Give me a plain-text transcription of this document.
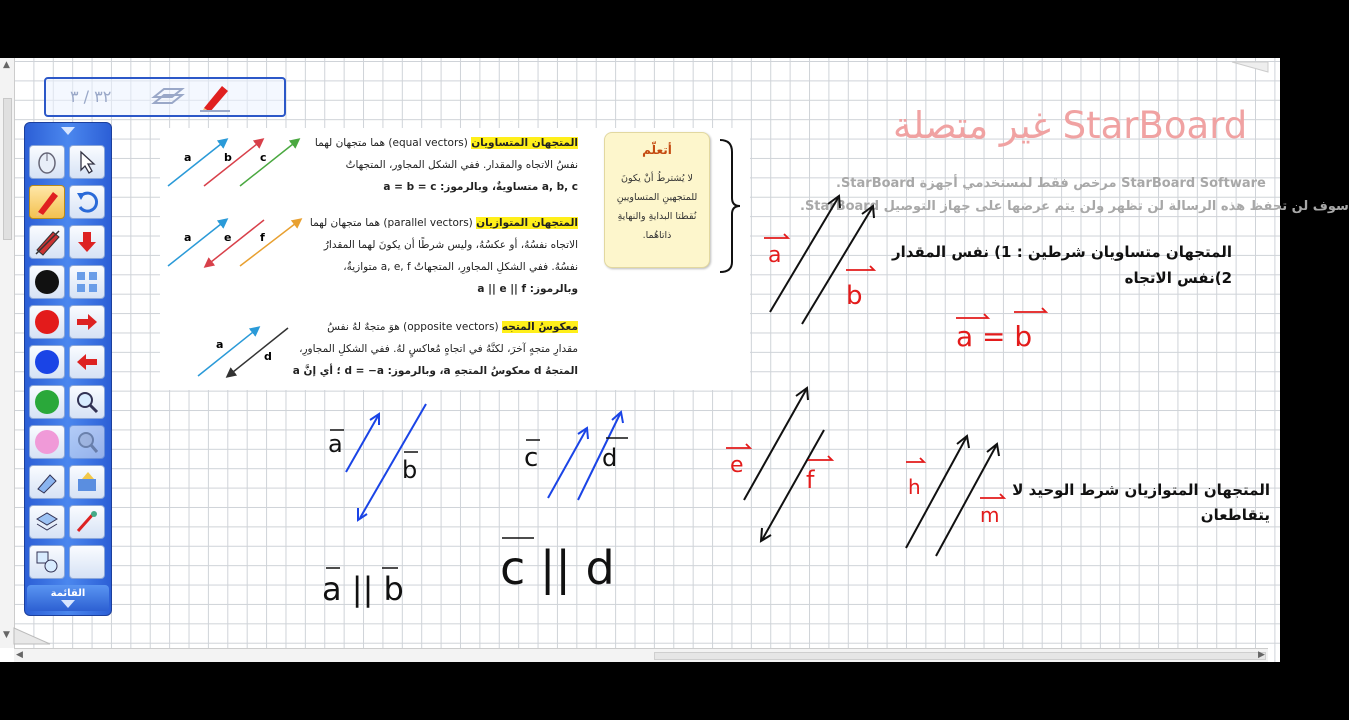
▲
▼
◀	▶
٣٢ / ٣
القائمة
المتجهان المتساويان (equal vectors) هما متجهان لهما
نفسُ الاتجاه والمقدار. ففي الشكل المجاور، المتجهاتُ
a, b, c متساويةٌ، وبالرموز: a = b = c
المتجهان المتوازيان (parallel vectors) هما متجهان لهما
الاتجاه نفسُهُ، أو عكسُهُ، وليس شرطًا أن يكونَ لهما المقدارُ
نفسُهُ. ففي الشكلِ المجاورِ، المتجهاتُ a, e, f متوازيةٌ،
وبالرموز: a || e || f
معكوسُ المتجه (opposite vectors) هوَ متجهٌ لهُ نفسُ
مقدارِ متجهٍ آخرَ، لكنَّهُ في اتجاهٍ مُعاكسٍ لهُ. ففي الشكلِ المجاورِ،
المتجهُ d معكوسُ المتجهِ a، وبالرموز: d = −a ؛ أي إنَّ a
a	b	c
a	e	f
a
d
أتعلّم
لا يُشترطُ أنْ يكونَ للمتجهينِ المتساويينِ نُقطتا البدايةِ والنهايةِ ذاتاهُما.
غير متصلة StarBoard
.StarBoard مرخص فقط لمستخدمي أجهزة StarBoard Software
.StarBoard سوف لن تحفظ هذه الرسالة لن تظهر ولن يتم عرضها على جهاز التوصيل
المتجهان متساويان شرطين : 1) نفس المقدار
2)نفس الاتجاه
المتجهان المتوازيان شرط الوحيد لا
يتقاطعان
a
b	c	d
a || b c || d
a
b
a = b
e
f	h
m
